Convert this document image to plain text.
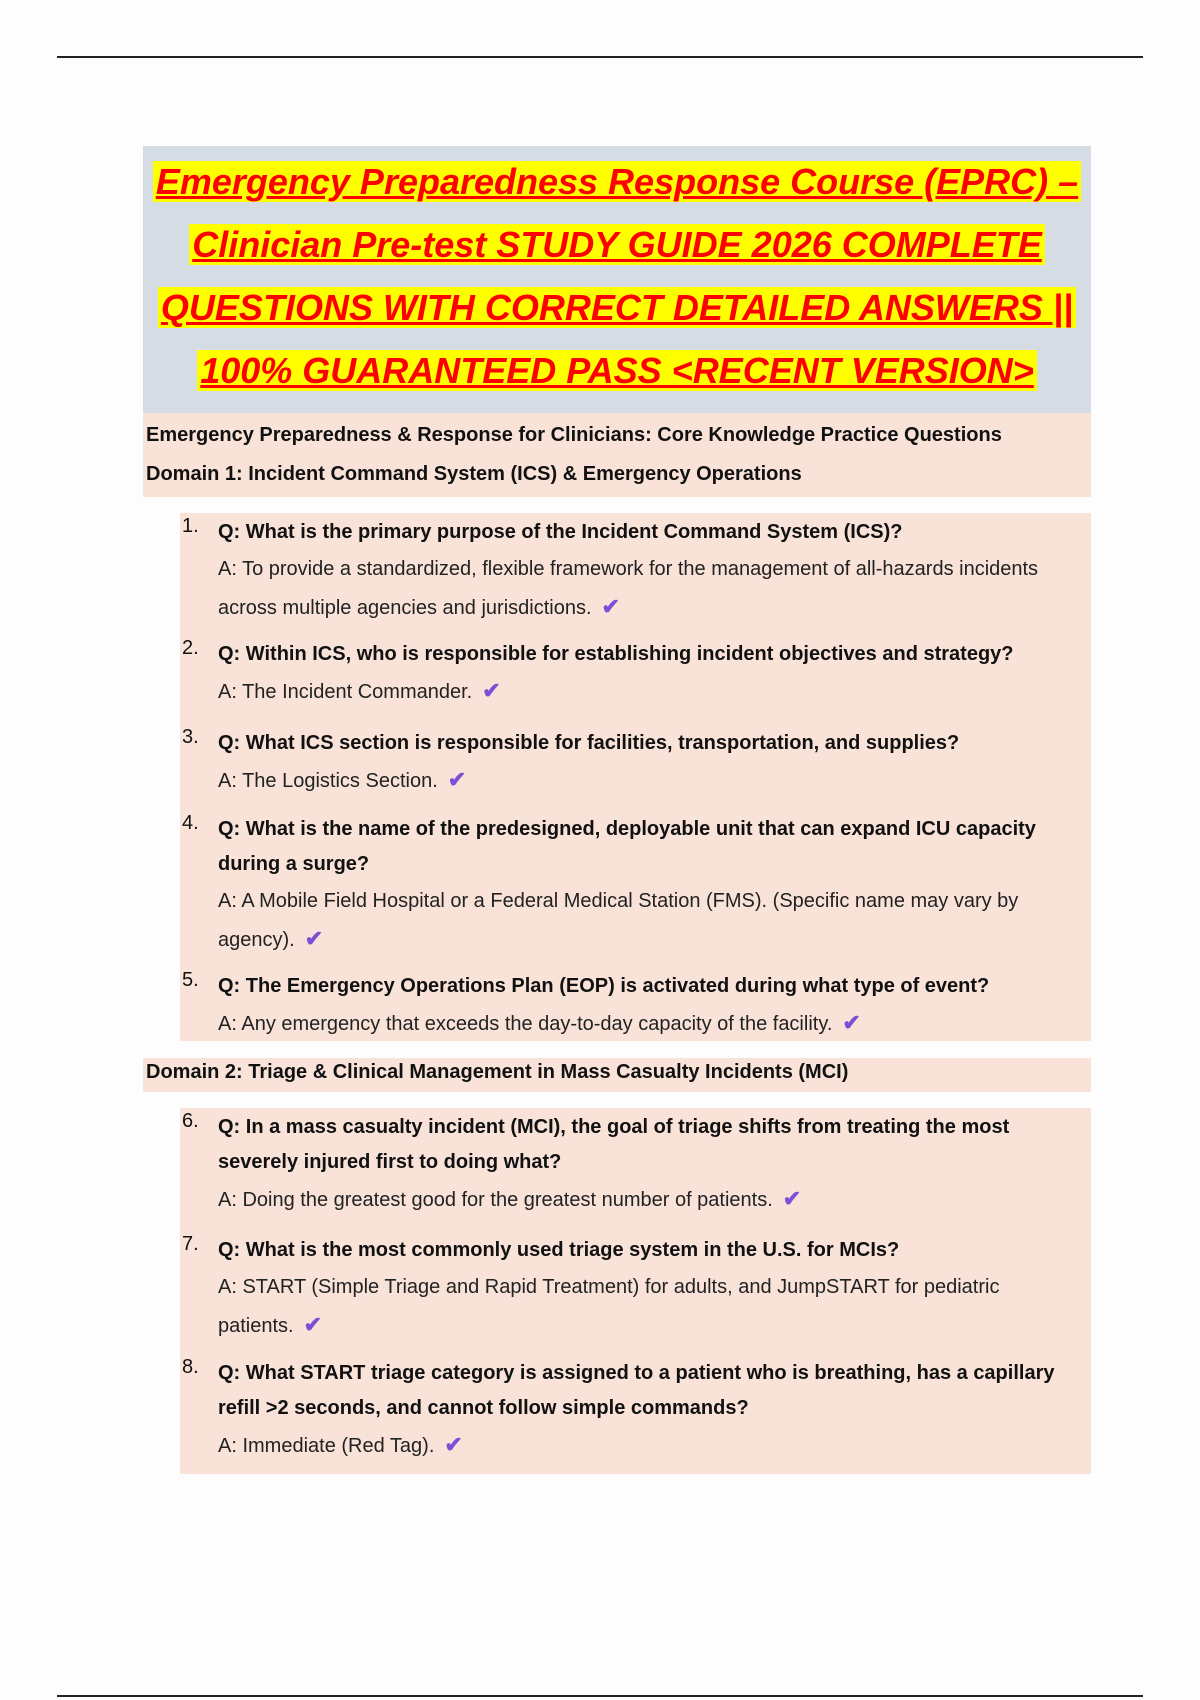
Emergency Preparedness Response Course (EPRC) –
Clinician Pre-test STUDY GUIDE 2026 COMPLETE
QUESTIONS WITH CORRECT DETAILED ANSWERS ||
100% GUARANTEED PASS <RECENT VERSION>
Emergency Preparedness & Response for Clinicians: Core Knowledge Practice Questions
Domain 1: Incident Command System (ICS) & Emergency Operations
1. Q: What is the primary purpose of the Incident Command System (ICS)?
A: To provide a standardized, flexible framework for the management of all-hazards incidents across multiple agencies and jurisdictions. ✔
2. Q: Within ICS, who is responsible for establishing incident objectives and strategy?
A: The Incident Commander. ✔
3. Q: What ICS section is responsible for facilities, transportation, and supplies?
A: The Logistics Section. ✔
4. Q: What is the name of the predesigned, deployable unit that can expand ICU capacity during a surge?
A: A Mobile Field Hospital or a Federal Medical Station (FMS). (Specific name may vary by agency). ✔
5. Q: The Emergency Operations Plan (EOP) is activated during what type of event?
A: Any emergency that exceeds the day-to-day capacity of the facility. ✔
Domain 2: Triage & Clinical Management in Mass Casualty Incidents (MCI)
6. Q: In a mass casualty incident (MCI), the goal of triage shifts from treating the most severely injured first to doing what?
A: Doing the greatest good for the greatest number of patients. ✔
7. Q: What is the most commonly used triage system in the U.S. for MCIs?
A: START (Simple Triage and Rapid Treatment) for adults, and JumpSTART for pediatric patients. ✔
8. Q: What START triage category is assigned to a patient who is breathing, has a capillary refill >2 seconds, and cannot follow simple commands?
A: Immediate (Red Tag). ✔
